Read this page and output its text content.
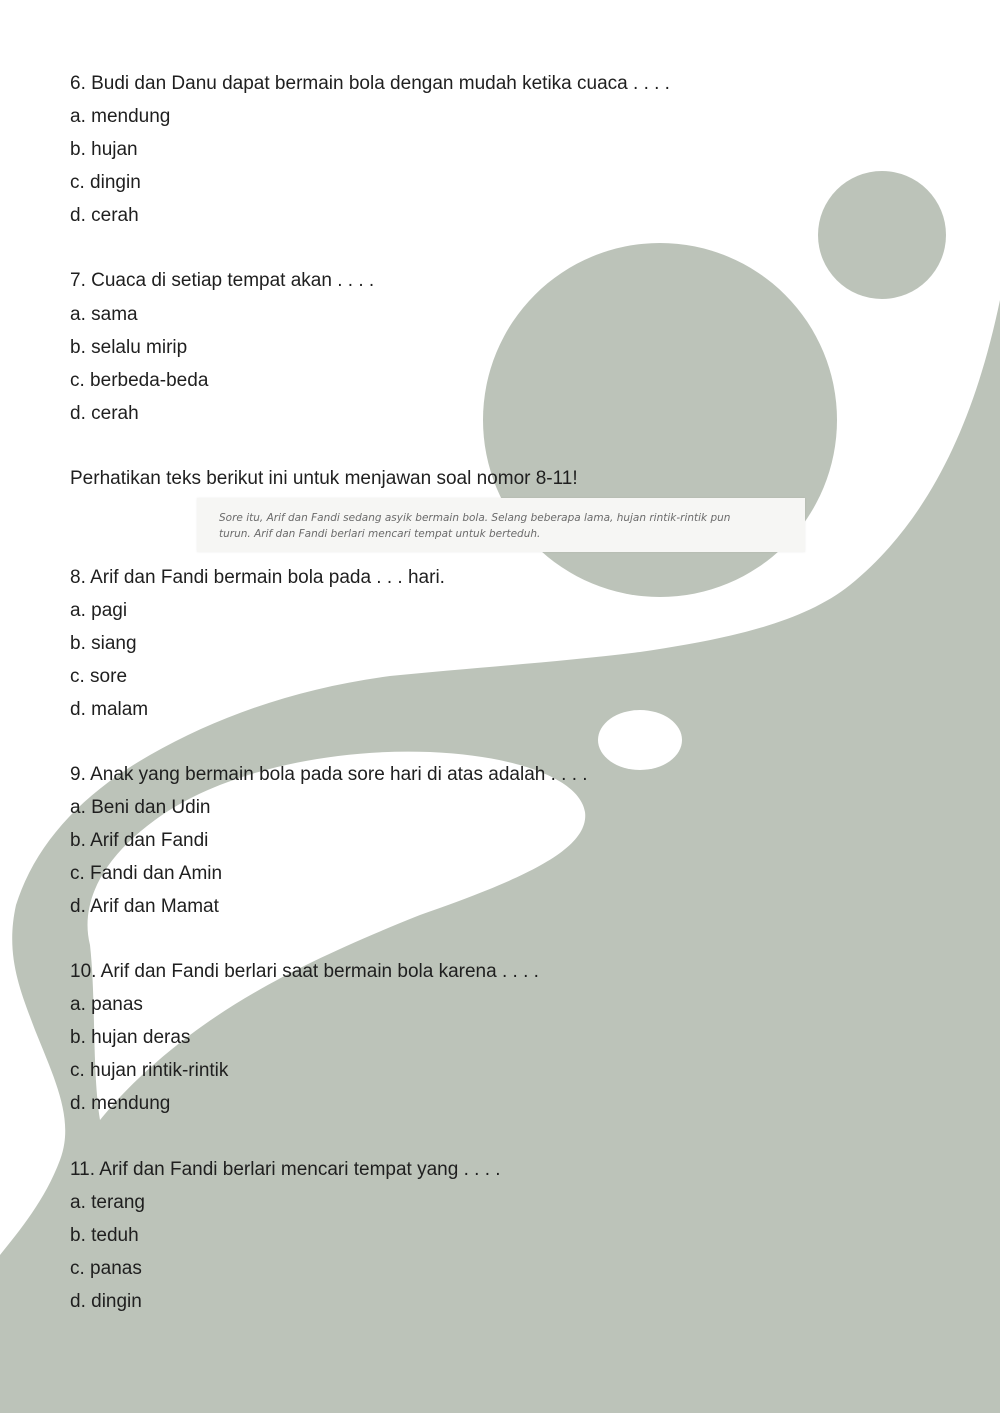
6. Budi dan Danu dapat bermain bola dengan mudah ketika cuaca . . . .
a. mendung
b. hujan
c. dingin
d. cerah
7. Cuaca di setiap tempat akan . . . .
a. sama
b. selalu mirip
c. berbeda-beda
d. cerah
Perhatikan teks berikut ini untuk menjawan soal nomor 8-11!
Sore itu, Arif dan Fandi sedang asyik bermain bola. Selang beberapa lama, hujan rintik-rintik pun
turun. Arif dan Fandi berlari mencari tempat untuk berteduh.
8. Arif dan Fandi bermain bola pada . . . hari.
a. pagi
b. siang
c. sore
d. malam
9. Anak yang bermain bola pada sore hari di atas adalah . . . .
a. Beni dan Udin
b. Arif dan Fandi
c. Fandi dan Amin
d. Arif dan Mamat
10. Arif dan Fandi berlari saat bermain bola karena . . . .
a. panas
b. hujan deras
c. hujan rintik-rintik
d. mendung
11. Arif dan Fandi berlari mencari tempat yang . . . .
a. terang
b. teduh
c. panas
d. dingin
